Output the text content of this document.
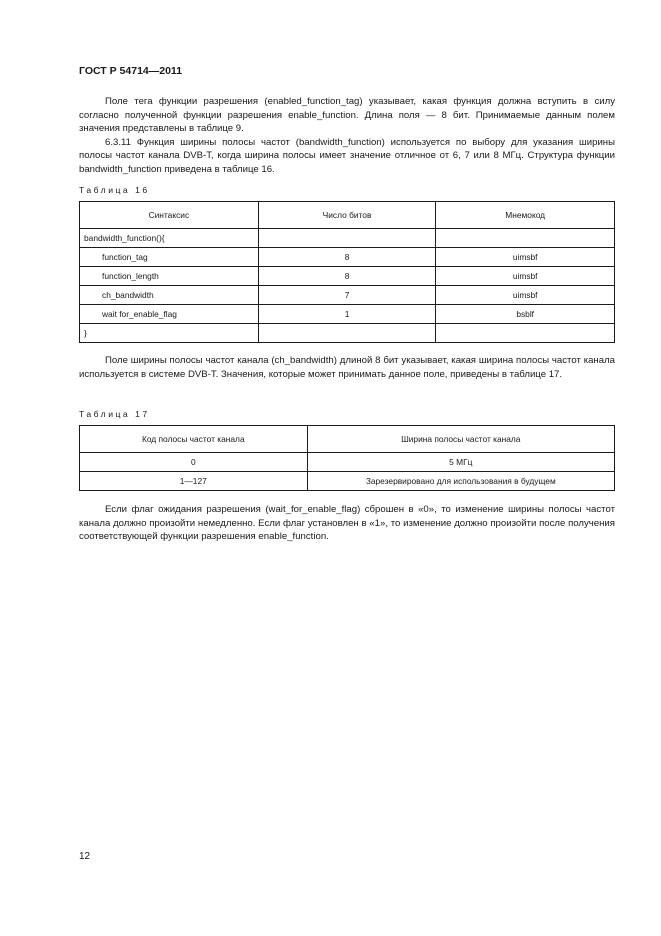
ГОСТ Р 54714—2011

Поле тега функции разрешения (enabled_function_tag) указывает, какая функция должна вступить в силу согласно полученной функции разрешения enable_function. Длина поля — 8 бит. Принимаемые данным полем значения представлены в таблице 9.

6.3.11 Функция ширины полосы частот (bandwidth_function) используется по выбору для указания ширины полосы частот канала DVB-T, когда ширина полосы имеет значение отличное от 6, 7 или 8 МГц. Структура функции bandwidth_function приведена в таблице 16.

Таблица 16
Синтаксис	Число битов	Мнемокод
bandwidth_function(){		
function_tag	8	uimsbf
function_length	8	uimsbf
ch_bandwidth	7	uimsbf
wait for_enable_flag	1	bsblf
}		

Поле ширины полосы частот канала (ch_bandwidth) длиной 8 бит указывает, какая ширина полосы частот канала используется в системе DVB-T. Значения, которые может принимать данное поле, приведены в таблице 17.

Таблица 17
Код полосы частот канала	Ширина полосы частот канала
0	5 МГц
1—127	Зарезервировано для использования в будущем

Если флаг ожидания разрешения (wait_for_enable_flag) сброшен в «0», то изменение ширины полосы частот канала должно произойти немедленно. Если флаг установлен в «1», то изменение должно произойти после получения соответствующей функции разрешения enable_function.

12
